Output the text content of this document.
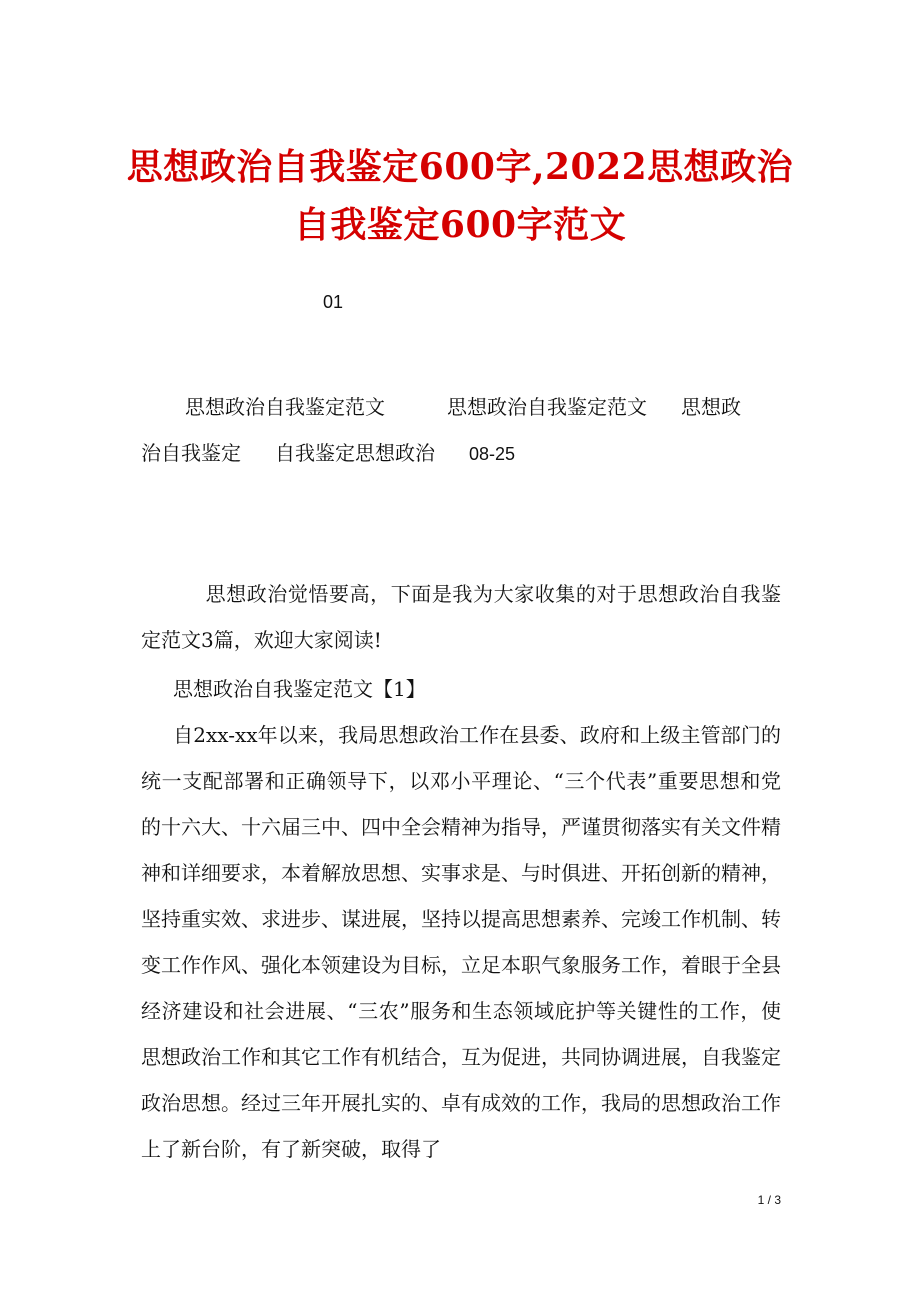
思想政治自我鉴定600字,2022思想政治自我鉴定600字范文
01
思想政治自我鉴定范文	思想政治自我鉴定范文 思想政
治自我鉴定 自我鉴定思想政治 08-25
思想政治觉悟要高，下面是我为大家收集的对于思想政治自我鉴定范文3篇，欢迎大家阅读!
思想政治自我鉴定范文【1】
自2xx-xx年以来，我局思想政治工作在县委、政府和上级主管部门的统一支配部署和正确领导下，以邓小平理论、“三个代表”重要思想和党的十六大、十六届三中、四中全会精神为指导，严谨贯彻落实有关文件精神和详细要求，本着解放思想、实事求是、与时俱进、开拓创新的精神，坚持重实效、求进步、谋进展，坚持以提高思想素养、完竣工作机制、转变工作作风、强化本领建设为目标，立足本职气象服务工作，着眼于全县经济建设和社会进展、“三农”服务和生态领域庇护等关键性的工作，使思想政治工作和其它工作有机结合，互为促进，共同协调进展，自我鉴定政治思想。经过三年开展扎实的、卓有成效的工作，我局的思想政治工作上了新台阶，有了新突破，取得了
1 / 3
